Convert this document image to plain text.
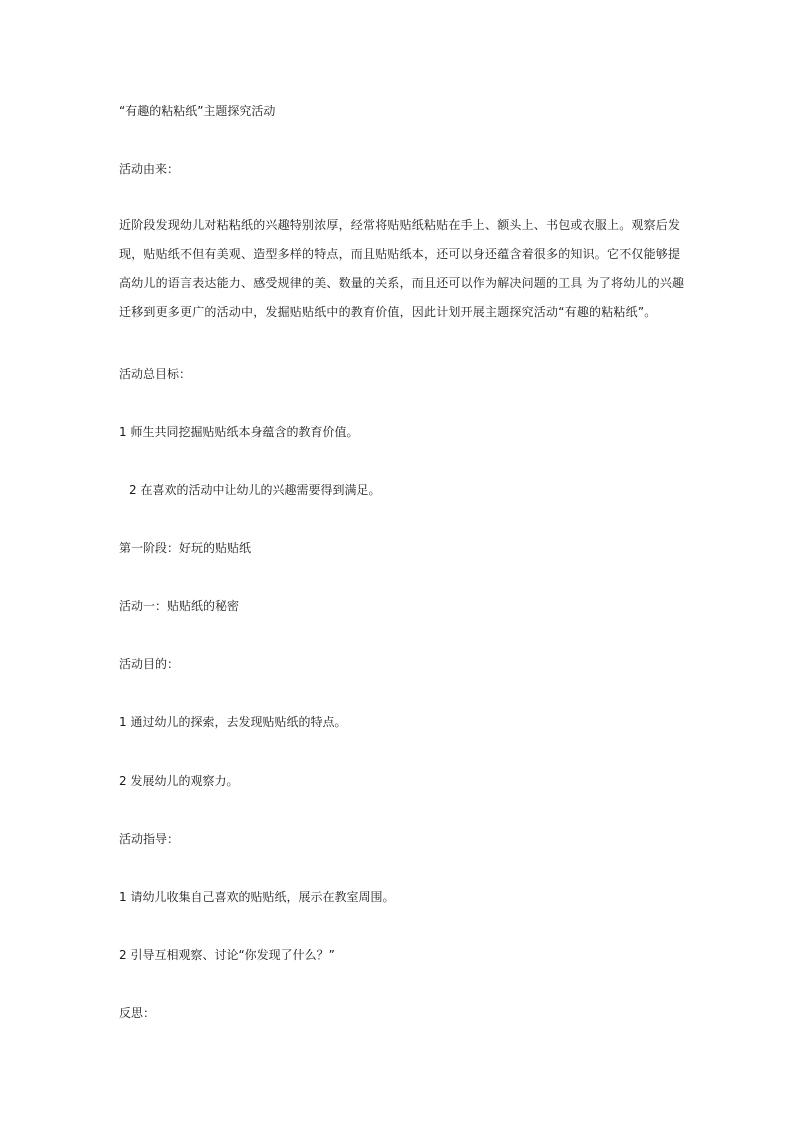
“有趣的粘粘纸”主题探究活动
活动由来：
近阶段发现幼儿对粘粘纸的兴趣特别浓厚，经常将贴贴纸粘贴在手上、额头上、书包或衣服上。观察后发
现，贴贴纸不但有美观、造型多样的特点，而且贴贴纸本，还可以身还蕴含着很多的知识。它不仅能够提
高幼儿的语言表达能力、感受规律的美、数量的关系，而且还可以作为解决问题的工具 为了将幼儿的兴趣
迁移到更多更广的活动中，发掘贴贴纸中的教育价值，因此计划开展主题探究活动“有趣的粘粘纸”。
活动总目标：
1 师生共同挖掘贴贴纸本身蕴含的教育价值。
2 在喜欢的活动中让幼儿的兴趣需要得到满足。
第一阶段：好玩的贴贴纸
活动一：贴贴纸的秘密
活动目的：
1 通过幼儿的探索，去发现贴贴纸的特点。
2 发展幼儿的观察力。
活动指导：
1 请幼儿收集自己喜欢的贴贴纸，展示在教室周围。
2 引导互相观察、讨论“你发现了什么？”
反思：
